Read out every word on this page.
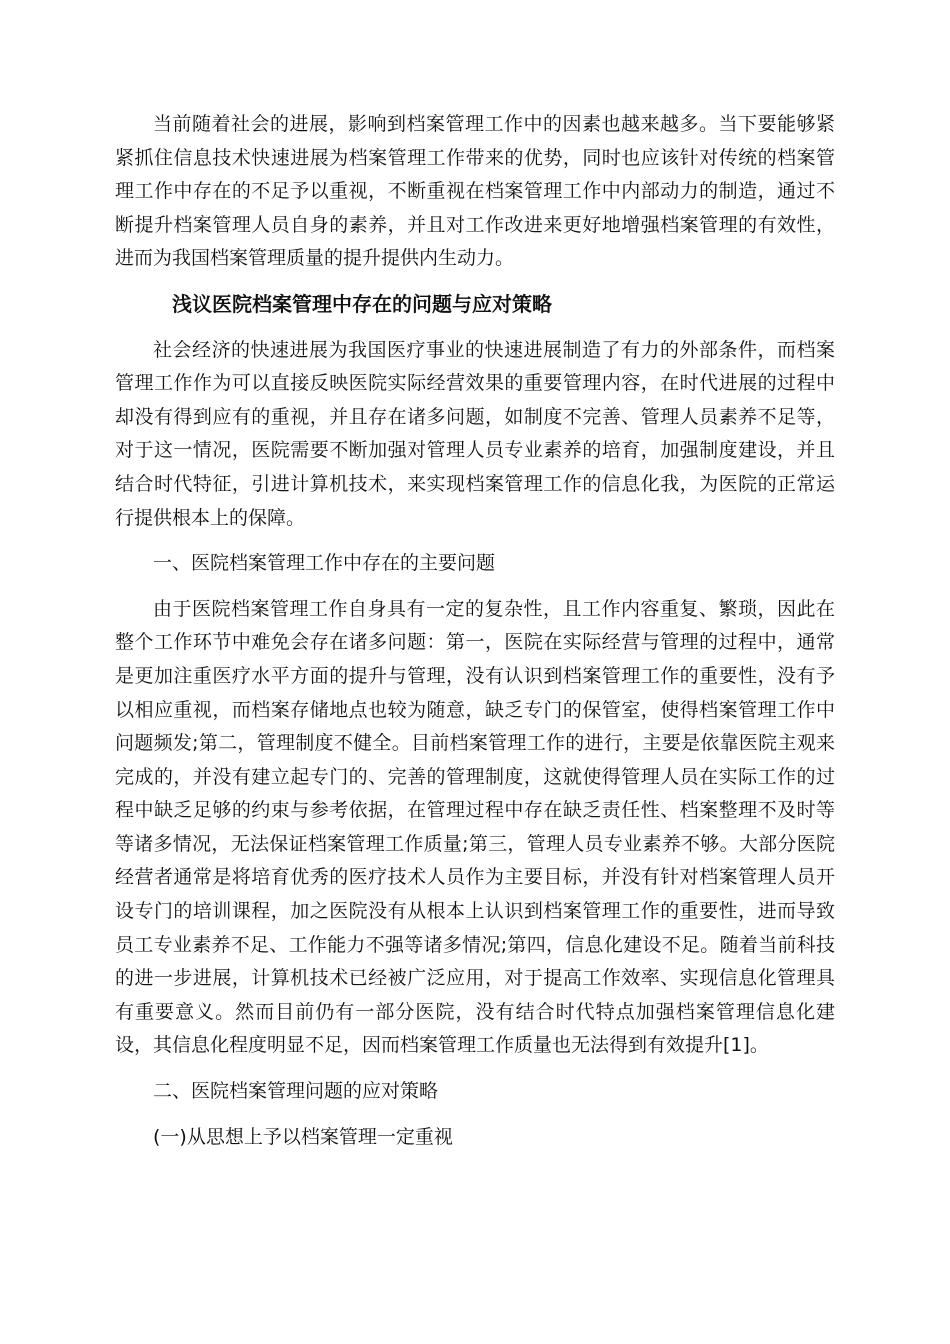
当前随着社会的进展，影响到档案管理工作中的因素也越来越多。当下要能够紧紧抓住信息技术快速进展为档案管理工作带来的优势，同时也应该针对传统的档案管理工作中存在的不足予以重视，不断重视在档案管理工作中内部动力的制造，通过不断提升档案管理人员自身的素养，并且对工作改进来更好地增强档案管理的有效性，进而为我国档案管理质量的提升提供内生动力。

浅议医院档案管理中存在的问题与应对策略

社会经济的快速进展为我国医疗事业的快速进展制造了有力的外部条件，而档案管理工作作为可以直接反映医院实际经营效果的重要管理内容，在时代进展的过程中却没有得到应有的重视，并且存在诸多问题，如制度不完善、管理人员素养不足等，对于这一情况，医院需要不断加强对管理人员专业素养的培育，加强制度建设，并且结合时代特征，引进计算机技术，来实现档案管理工作的信息化我，为医院的正常运行提供根本上的保障。

一、医院档案管理工作中存在的主要问题

由于医院档案管理工作自身具有一定的复杂性，且工作内容重复、繁琐，因此在整个工作环节中难免会存在诸多问题：第一，医院在实际经营与管理的过程中，通常是更加注重医疗水平方面的提升与管理，没有认识到档案管理工作的重要性，没有予以相应重视，而档案存储地点也较为随意，缺乏专门的保管室，使得档案管理工作中问题频发;第二，管理制度不健全。目前档案管理工作的进行，主要是依靠医院主观来完成的，并没有建立起专门的、完善的管理制度，这就使得管理人员在实际工作的过程中缺乏足够的约束与参考依据，在管理过程中存在缺乏责任性、档案整理不及时等等诸多情况，无法保证档案管理工作质量;第三，管理人员专业素养不够。大部分医院经营者通常是将培育优秀的医疗技术人员作为主要目标，并没有针对档案管理人员开设专门的培训课程，加之医院没有从根本上认识到档案管理工作的重要性，进而导致员工专业素养不足、工作能力不强等诸多情况;第四，信息化建设不足。随着当前科技的进一步进展，计算机技术已经被广泛应用，对于提高工作效率、实现信息化管理具有重要意义。然而目前仍有一部分医院，没有结合时代特点加强档案管理信息化建设，其信息化程度明显不足，因而档案管理工作质量也无法得到有效提升[1]。

二、医院档案管理问题的应对策略

(一)从思想上予以档案管理一定重视
